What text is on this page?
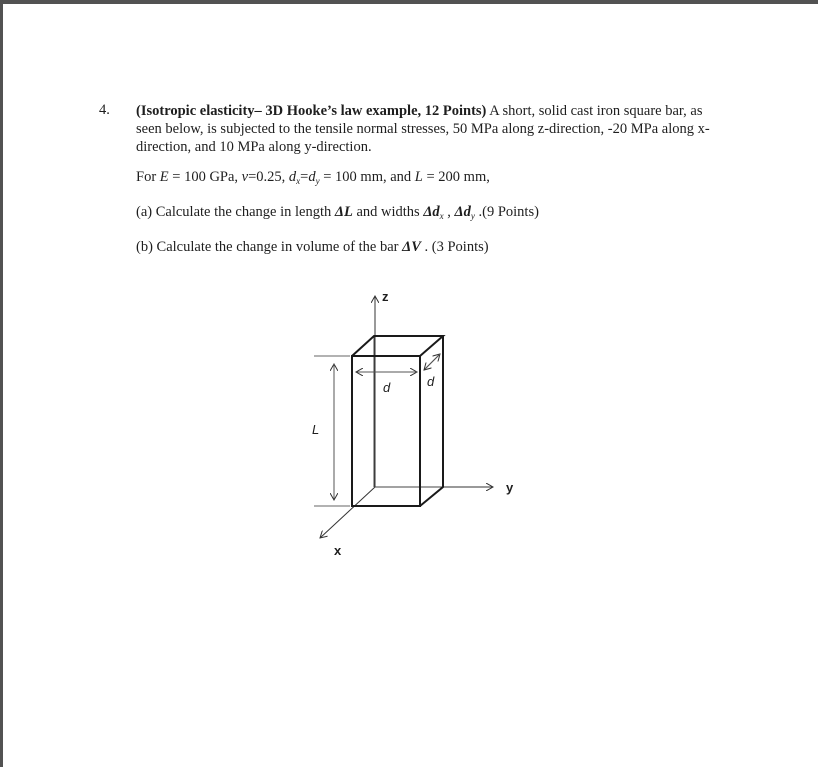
4. (Isotropic elasticity– 3D Hooke’s law example, 12 Points) A short, solid cast iron square bar, as seen below, is subjected to the tensile normal stresses, 50 MPa along z-direction, -20 MPa along x-direction, and 10 MPa along y-direction.

For E = 100 GPa, ν=0.25, $d_x=d_y = 100$ mm, and L = 200 mm,

(a) Calculate the change in length ΔL and widths $\Delta d_x$ , $\Delta d_y$ .(9 Points)

(b) Calculate the change in volume of the bar ΔV . (3 Points)

z
y
x
L
d	d
